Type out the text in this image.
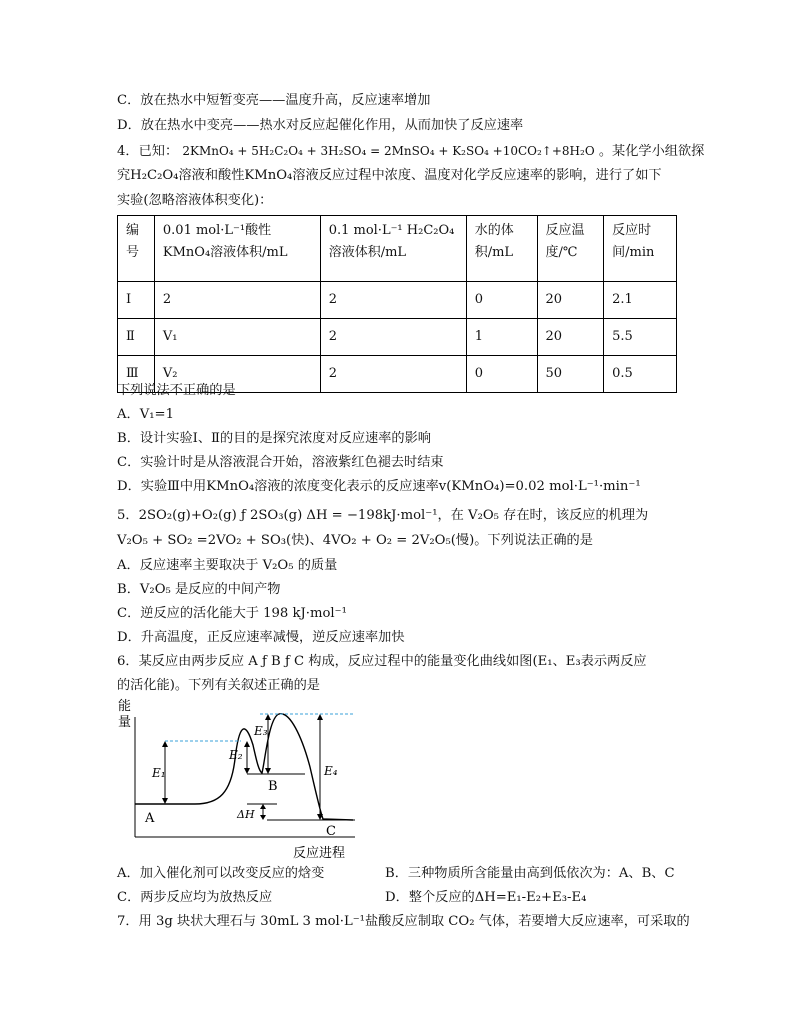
C．放在热水中短暂变亮——温度升高，反应速率增加
D．放在热水中变亮——热水对反应起催化作用，从而加快了反应速率
4．已知： 2KMnO₄ + 5H₂C₂O₄ + 3H₂SO₄ = 2MnSO₄ + K₂SO₄ +10CO₂↑+8H₂O 。某化学小组欲探
究H₂C₂O₄溶液和酸性KMnO₄溶液反应过程中浓度、温度对化学反应速率的影响，进行了如下
实验(忽略溶液体积变化)：
编号	0.01 mol·L⁻¹酸性KMnO₄溶液体积/mL	0.1 mol·L⁻¹ H₂C₂O₄溶液体积/mL	水的体积/mL	反应温度/℃	反应时间/min
Ⅰ	2	2	0	20	2.1
Ⅱ	V₁	2	1	20	5.5
Ⅲ	V₂	2	0	50	0.5
下列说法不正确的是
A．V₁=1
B．设计实验Ⅰ、Ⅱ的目的是探究浓度对反应速率的影响
C．实验计时是从溶液混合开始，溶液紫红色褪去时结束
D．实验Ⅲ中用KMnO₄溶液的浓度变化表示的反应速率v(KMnO₄)=0.02 mol·L⁻¹·min⁻¹
5．2SO₂(g)+O₂(g) ƒ 2SO₃(g) ΔH = −198kJ·mol⁻¹，在 V₂O₅ 存在时，该反应的机理为
V₂O₅ + SO₂ =2VO₂ + SO₃(快)、4VO₂ + O₂ = 2V₂O₅(慢)。下列说法正确的是
A．反应速率主要取决于 V₂O₅ 的质量
B．V₂O₅ 是反应的中间产物
C．逆反应的活化能大于 198 kJ·mol⁻¹
D．升高温度，正反应速率减慢，逆反应速率加快
6．某反应由两步反应 A ƒ B ƒ C 构成，反应过程中的能量变化曲线如图(E₁、E₃表示两反应
的活化能)。下列有关叙述正确的是
能
量
反应进程
A
B
C
E₁
E₂
E₃
E₄
ΔH
A．加入催化剂可以改变反应的焓变	B．三种物质所含能量由高到低依次为：A、B、C
C．两步反应均为放热反应	D．整个反应的ΔH=E₁-E₂+E₃-E₄
7．用 3g 块状大理石与 30mL 3 mol·L⁻¹盐酸反应制取 CO₂ 气体，若要增大反应速率，可采取的
